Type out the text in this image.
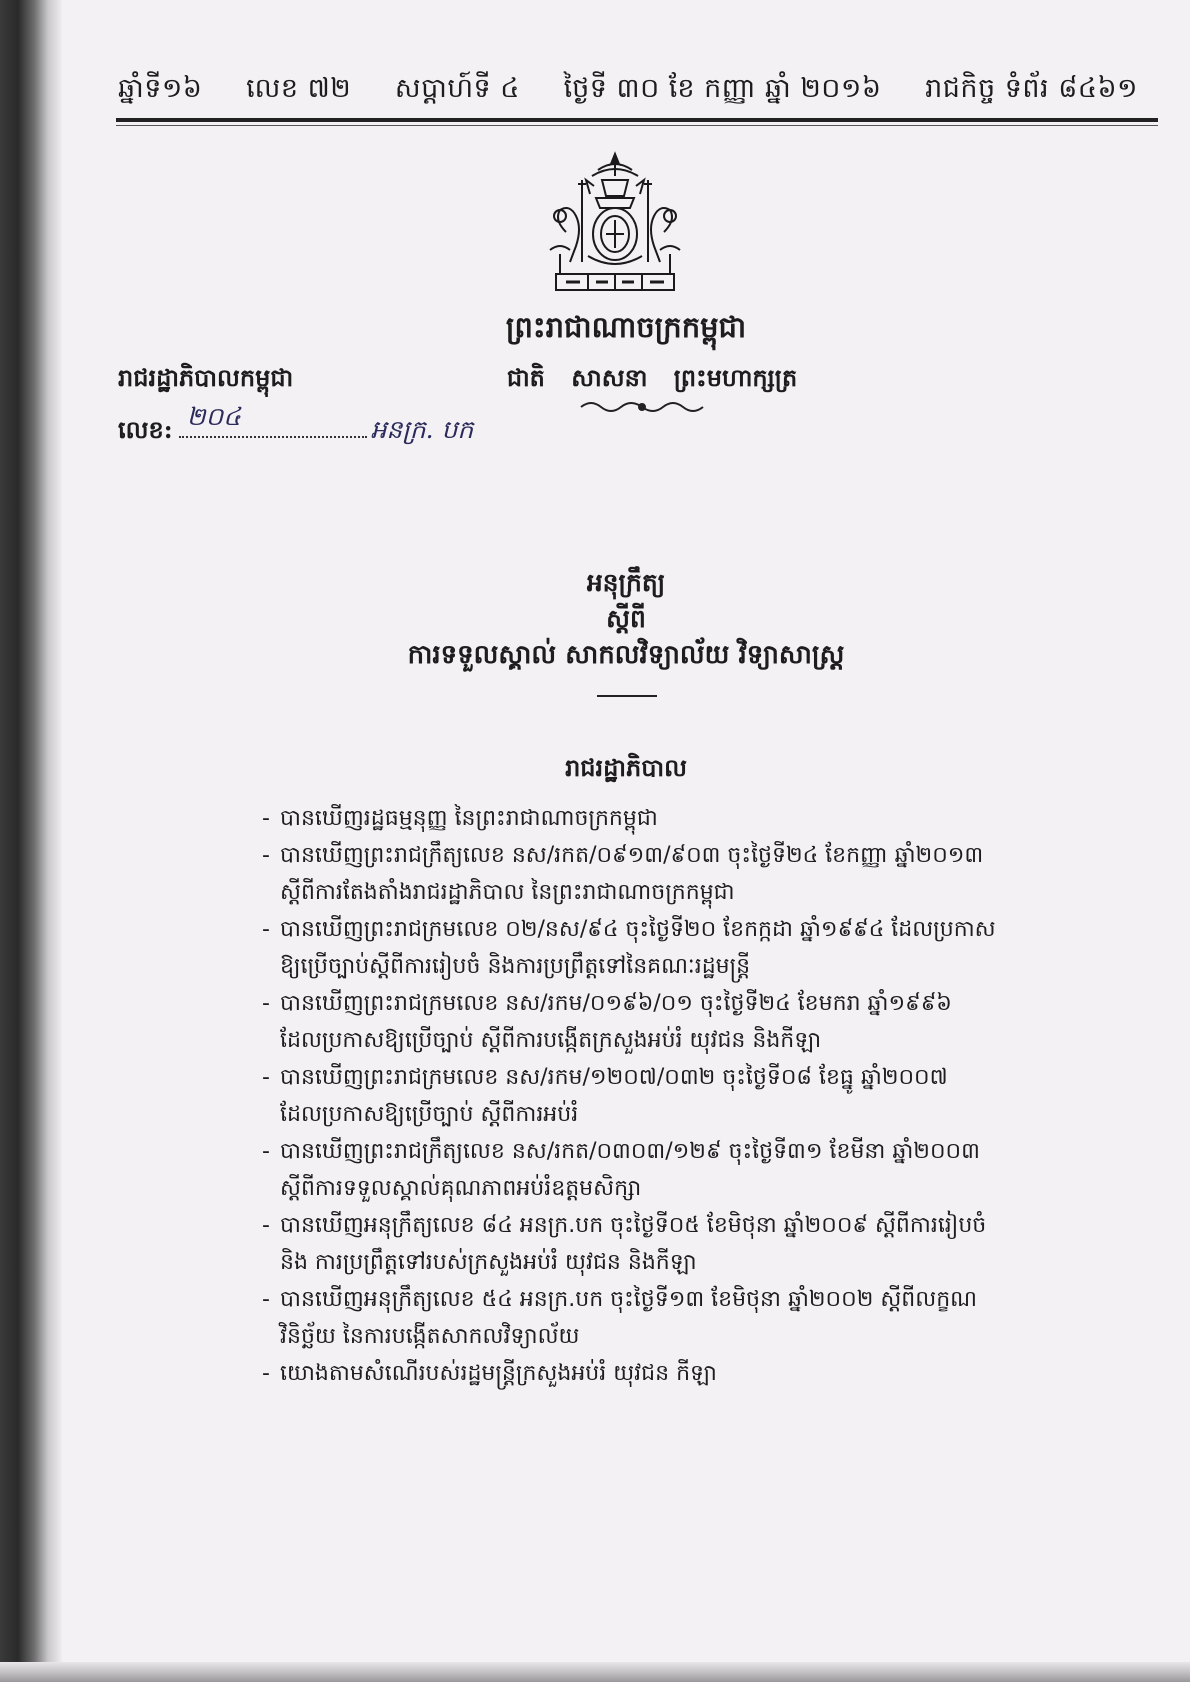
ឆ្នាំទី១៦ លេខ ៧២ សប្តាហ៍ទី ៤ ថ្ងៃទី ៣០ ខែ កញ្ញា ឆ្នាំ ២០១៦ រាជកិច្ច ទំព័រ ៨៤៦១
ព្រះរាជាណាចក្រកម្ពុជា
រាជរដ្ឋាភិបាលកម្ពុជា	ជាតិ សាសនា ព្រះមហាក្សត្រ
លេខ: ២០៤	អនក្រ. បក
អនុក្រឹត្យ
ស្តីពី
ការទទួលស្គាល់ សាកលវិទ្យាល័យ វិទ្យាសាស្ត្រ
រាជរដ្ឋាភិបាល
- បានឃើញរដ្ឋធម្មនុញ្ញ នៃព្រះរាជាណាចក្រកម្ពុជា
- បានឃើញព្រះរាជក្រឹត្យលេខ នស/រកត/០៩១៣/៩០៣ ចុះថ្ងៃទី២៤ ខែកញ្ញា ឆ្នាំ២០១៣
ស្តីពីការតែងតាំងរាជរដ្ឋាភិបាល នៃព្រះរាជាណាចក្រកម្ពុជា
- បានឃើញព្រះរាជក្រមលេខ ០២/នស/៩៤ ចុះថ្ងៃទី២០ ខែកក្កដា ឆ្នាំ១៩៩៤ ដែលប្រកាស
ឱ្យប្រើច្បាប់ស្តីពីការរៀបចំ និងការប្រព្រឹត្តទៅនៃគណៈរដ្ឋមន្ត្រី
- បានឃើញព្រះរាជក្រមលេខ នស/រកម/០១៩៦/០១ ចុះថ្ងៃទី២៤ ខែមករា ឆ្នាំ១៩៩៦
ដែលប្រកាសឱ្យប្រើច្បាប់ ស្តីពីការបង្កើតក្រសួងអប់រំ យុវជន និងកីឡា
- បានឃើញព្រះរាជក្រមលេខ នស/រកម/១២០៧/០៣២ ចុះថ្ងៃទី០៨ ខែធ្នូ ឆ្នាំ២០០៧
ដែលប្រកាសឱ្យប្រើច្បាប់ ស្តីពីការអប់រំ
- បានឃើញព្រះរាជក្រឹត្យលេខ នស/រកត/០៣០៣/១២៩ ចុះថ្ងៃទី៣១ ខែមីនា ឆ្នាំ២០០៣
ស្តីពីការទទួលស្គាល់គុណភាពអប់រំឧត្តមសិក្សា
- បានឃើញអនុក្រឹត្យលេខ ៨៤ អនក្រ.បក ចុះថ្ងៃទី០៥ ខែមិថុនា ឆ្នាំ២០០៩ ស្តីពីការរៀបចំ
និង ការប្រព្រឹត្តទៅរបស់ក្រសួងអប់រំ យុវជន និងកីឡា
- បានឃើញអនុក្រឹត្យលេខ ៥៤ អនក្រ.បក ចុះថ្ងៃទី១៣ ខែមិថុនា ឆ្នាំ២០០២ ស្តីពីលក្ខណ
វិនិច្ឆ័យ នៃការបង្កើតសាកលវិទ្យាល័យ
- យោងតាមសំណើរបស់រដ្ឋមន្ត្រីក្រសួងអប់រំ យុវជន កីឡា
